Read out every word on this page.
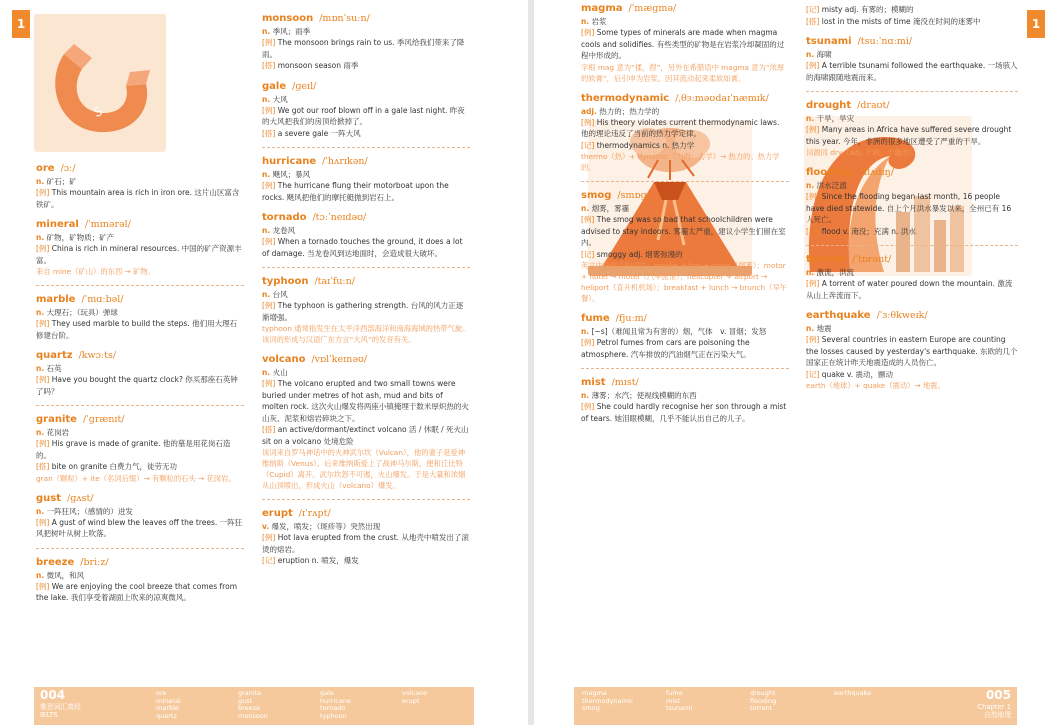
1
S
ore /ɔː/
n. 矿石；矿
[例] This mountain area is rich in iron ore. 这片山区富含铁矿。
mineral /ˈmɪnərəl/
n. 矿物，矿物质；矿产
[例] China is rich in mineral resources. 中国的矿产资源丰富。
来自 mine（矿山）的东西 → 矿物。
marble /ˈmɑːbəl/
n. 大理石；（玩具）弹球
[例] They used marble to build the steps. 他们用大理石修建台阶。
quartz /kwɔːts/
n. 石英
[例] Have you bought the quartz clock? 你买那座石英钟了吗？
granite /ˈɡrænɪt/
n. 花岗岩
[例] His grave is made of granite. 他的墓是用花岗石造的。
[搭] bite on granite 白费力气，徒劳无功
gran（颗粒）+ ite（名词后缀）→ 有颗粒的石头 → 花岗岩。
gust /ɡʌst/
n. 一阵狂风；（感情的）迸发
[例] A gust of wind blew the leaves off the trees. 一阵狂风把树叶从树上吹落。
breeze /briːz/
n. 微风，和风
[例] We are enjoying the cool breeze that comes from the lake. 我们享受着湖面上吹来的凉爽微风。
monsoon /mɒnˈsuːn/
n. 季风；雨季
[例] The monsoon brings rain to us. 季风给我们带来了降雨。
[搭] monsoon season 雨季
gale /ɡeɪl/
n. 大风
[例] We got our roof blown off in a gale last night. 昨夜的大风把我们的房顶给掀掉了。
[搭] a severe gale 一阵大风
hurricane /ˈhʌrɪkən/
n. 飓风；暴风
[例] The hurricane flung their motorboat upon the rocks. 飓风把他们的摩托艇抛到岩石上。
tornado /tɔːˈneɪdəʊ/
n. 龙卷风
[例] When a tornado touches the ground, it does a lot of damage. 当龙卷风到达地面时，会造成很大破坏。
typhoon /taɪˈfuːn/
n. 台风
[例] The typhoon is gathering strength. 台风的风力正逐渐增强。
typhoon 通常指发生在太平洋西部海洋和南海海域的热带气旋。该词的形成与汉语广东方言“大风”的发音有关。
volcano /vɒlˈkeɪnəʊ/
n. 火山
[例] The volcano erupted and two small towns were buried under metres of hot ash, mud and bits of molten rock. 这次火山爆发将两座小镇掩埋于数米厚炽热的火山灰、泥浆和熔岩碎块之下。
[搭] an active/dormant/extinct volcano 活 / 休眠 / 死火山　sit on a volcano 处境危险
该词来自罗马神话中的火神武尔坎（Vulcan），他的妻子是爱神维纳斯（Venus）。后来维纳斯爱上了战神马尔斯，便和丘比特（Cupid）离开。武尔坎怒不可遏，火山爆发。于是大量和浓烟从山顶喷出，形成火山（volcano）爆发。
erupt /ɪˈrʌpt/
v. 爆发，喷发；（斑疹等）突然出现
[例] Hot lava erupted from the crust. 从地壳中喷发出了滚烫的熔岩。
[记] eruption n. 喷发，爆发
004
雅思词汇真经
IELTS
ore
mineral
marble
quartz
granite
gust
breeze
monsoon
gale
hurricane
tornado
typhoon
volcano
erupt
1
magma /ˈmæɡmə/
n. 岩浆
[例] Some types of minerals are made when magma cools and solidifies. 有些类型的矿物是在岩浆冷却凝固的过程中形成的。
字根 mag 意为“揉，捏”，另外在希腊语中 magma 意为“浓厚的软膏”，后引申为岩浆。因其流动起来柔软如膏。
thermodynamic /ˌθɜːməʊdaɪˈnæmɪk/
adj. 热力的；热力学的
[例] His theory violates current thermodynamic laws. 他的理论违反了当前的热力学定律。
[记] thermodynamics n. 热力学
thermo（热）+ dynamic（力的；力学）→ 热力的；热力学的。
smog /smɒɡ/
n. 烟雾，雾霾
[例] The smog was so bad that schoolchildren were advised to stay indoors. 雾霾太严重，建议小学生们留在室内。
[记] smoggy adj. 烟雾弥漫的
英文中的混合构词法：smoke + fog → smog（烟雾）；motor + hotel → motel（汽车旅馆）；helicopter + airport → heliport（直升机机场）；breakfast + lunch → brunch（早午餐）。
fume /fjuːm/
n. [~s]（难闻且常为有害的）烟，气体　v. 冒烟；发怒
[例] Petrol fumes from cars are poisoning the atmosphere. 汽车排放的汽油烟气正在污染大气。
mist /mɪst/
n. 薄雾；水汽；使视线模糊的东西
[例] She could hardly recognise her son through a mist of tears. 她泪眼模糊，几乎不能认出自己的儿子。
[记] misty adj. 有雾的；模糊的
[搭] lost in the mists of time 淹没在时间的迷雾中
tsunami /tsuːˈnɑːmi/
n. 海啸
[例] A terrible tsunami followed the earthquake. 一场骇人的海啸跟随地震而来。
drought /draʊt/
n. 干旱，旱灾
[例] Many areas in Africa have suffered severe drought this year. 今年，非洲的很多地区遭受了严重的干旱。
词源同 dry（adj. 干的，干燥的）。
flooding /ˈflʌdɪŋ/
n. 洪水泛滥
[例] Since the flooding began last month, 16 people have died statewide. 自上个月洪水暴发以来，全州已有 16 人死亡。
[记] flood v. 淹没；充满 n. 洪水
torrent /ˈtɒrənt/
n. 激流，洪流
[例] A torrent of water poured down the mountain. 激流从山上奔流而下。
earthquake /ˈɜːθkweɪk/
n. 地震
[例] Several countries in eastern Europe are counting the losses caused by yesterday's earthquake. 东欧的几个国家正在统计昨天地震造成的人员伤亡。
[记] quake v. 震动，颤动
earth（地球）+ quake（震动）→ 地震。
magma
thermodynamic
smog
fume
mist
tsunami
drought
flooding
torrent
earthquake	005
Chapter 1
自然地理
